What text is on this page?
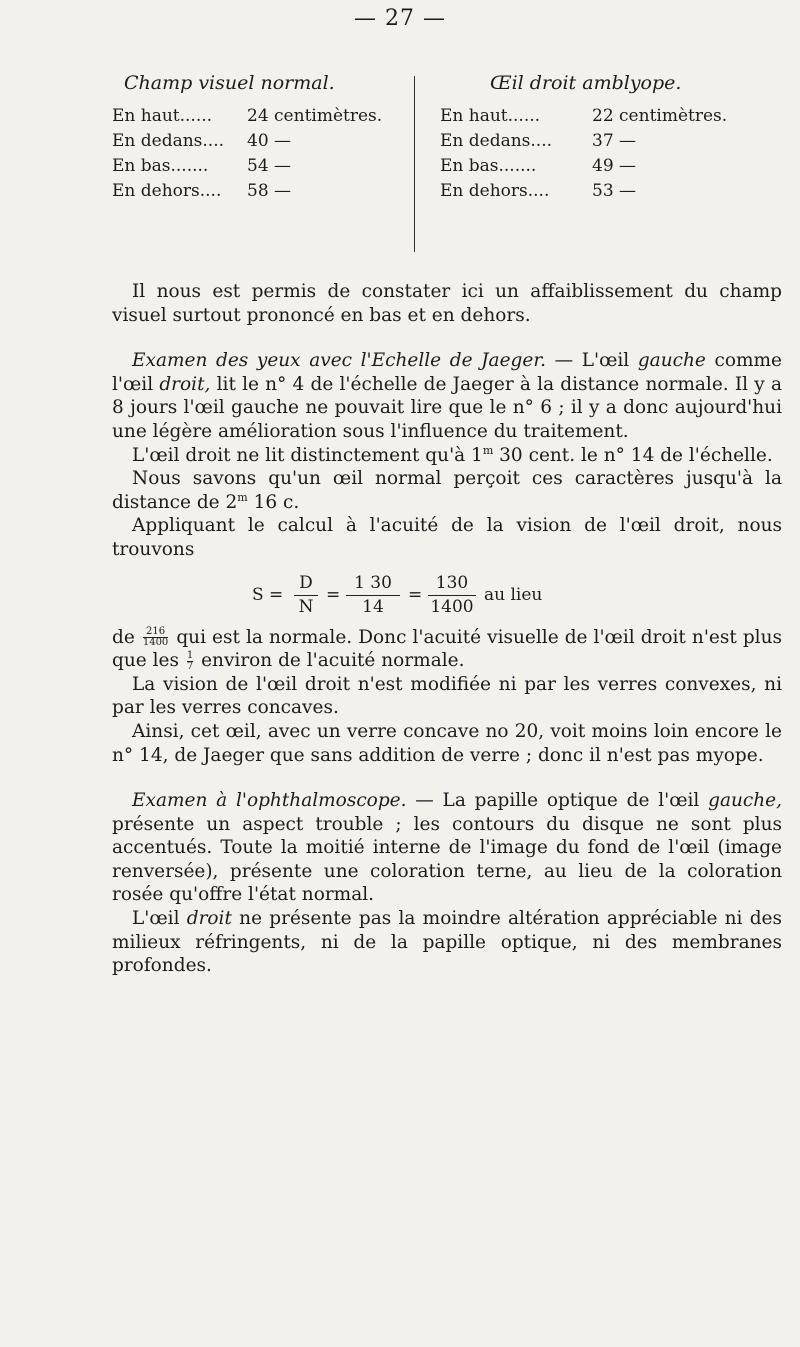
— 27 —
Champ visuel normal.
En haut...... 24 centimètres.
En dedans.... 40 —
En bas....... 54 —
En dehors.... 58 —
Œil droit amblyope.
En haut......	22 centimètres.
En dedans.... 37 —
En bas.......	49 —
En dehors....	53 —

Il nous est permis de constater ici un affaiblissement du champ visuel surtout prononcé en bas et en dehors.

Examen des yeux avec l'Echelle de Jaeger. — L'œil gauche comme l'œil droit, lit le n° 4 de l'échelle de Jaeger à la distance normale. Il y a 8 jours l'œil gauche ne pouvait lire que le n° 6 ; il y a donc aujourd'hui une légère amélioration sous l'influence du traitement.

L'œil droit ne lit distinctement qu'à 1$^m$ 30 cent. le n° 14 de l'échelle.

Nous savons qu'un œil normal perçoit ces caractères jusqu'à la distance de 2$^m$ 16 c.

Appliquant le calcul à l'acuité de la vision de l'œil droit, nous trouvons

$S = \frac{D}{N} = \frac{1 30}{14} = \frac{130}{1400}$ au lieu

de $\frac{216}{1400}$ qui est la normale. Donc l'acuité visuelle de l'œil droit n'est plus que les $\frac{1}{7}$ environ de l'acuité normale.

La vision de l'œil droit n'est modifiée ni par les verres convexes, ni par les verres concaves.

Ainsi, cet œil, avec un verre concave no 20, voit moins loin encore le n° 14, de Jaeger que sans addition de verre ; donc il n'est pas myope.

Examen à l'ophthalmoscope. — La papille optique de l'œil gauche, présente un aspect trouble ; les contours du disque ne sont plus accentués. Toute la moitié interne de l'image du fond de l'œil (image renversée), présente une coloration terne, au lieu de la coloration rosée qu'offre l'état normal.

L'œil droit ne présente pas la moindre altération appréciable ni des milieux réfringents, ni de la papille optique, ni des membranes profondes.
